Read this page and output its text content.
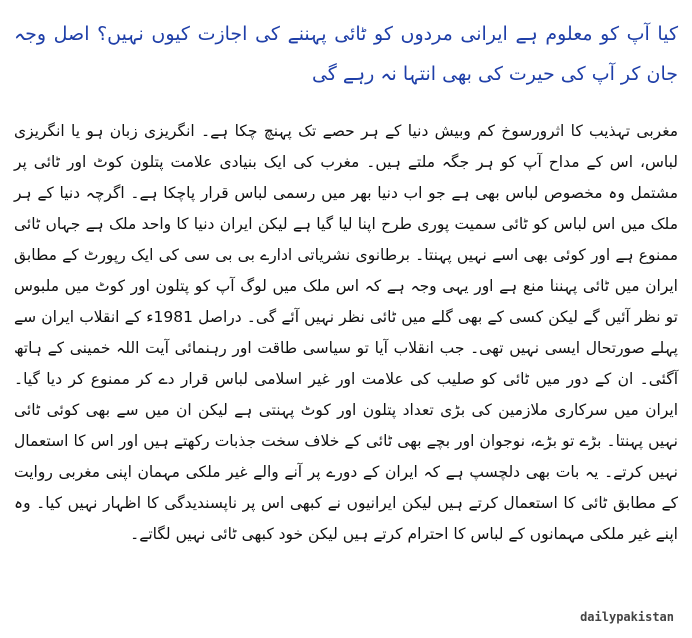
کیا آپ کو معلوم ہے ایرانی مردوں کو ٹائی پہننے کی اجازت کیوں نہیں؟ اصل وجہ جان کر آپ کی حیرت کی بھی انتہا نہ رہے گی

مغربی تہذیب کا اثرورسوخ کم وبیش دنیا کے ہر حصے تک پہنچ چکا ہے۔ انگریزی زبان ہو یا انگریزی لباس، اس کے مداح آپ کو ہر جگہ ملتے ہیں۔ مغرب کی ایک بنیادی علامت پتلون کوٹ اور ٹائی پر مشتمل وہ مخصوص لباس بھی ہے جو اب دنیا بھر میں رسمی لباس قرار پاچکا ہے۔ اگرچہ دنیا کے ہر ملک میں اس لباس کو ٹائی سمیت پوری طرح اپنا لیا گیا ہے لیکن ایران دنیا کا واحد ملک ہے جہاں ٹائی ممنوع ہے اور کوئی بھی اسے نہیں پہنتا۔ برطانوی نشریاتی ادارے بی بی سی کی ایک رپورٹ کے مطابق ایران میں ٹائی پہننا منع ہے اور یہی وجہ ہے کہ اس ملک میں لوگ آپ کو پتلون اور کوٹ میں ملبوس تو نظر آئیں گے لیکن کسی کے بھی گلے میں ٹائی نظر نہیں آئے گی۔ دراصل 1981ء کے انقلاب ایران سے پہلے صورتحال ایسی نہیں تھی۔ جب انقلاب آیا تو سیاسی طاقت اور رہنمائی آیت اللہ خمینی کے ہاتھ آگئی۔ ان کے دور میں ٹائی کو صلیب کی علامت اور غیر اسلامی لباس قرار دے کر ممنوع کر دیا گیا۔ ایران میں سرکاری ملازمین کی بڑی تعداد پتلون اور کوٹ پہنتی ہے لیکن ان میں سے بھی کوئی ٹائی نہیں پہنتا۔ بڑے تو بڑے، نوجوان اور بچے بھی ٹائی کے خلاف سخت جذبات رکھتے ہیں اور اس کا استعمال نہیں کرتے۔ یہ بات بھی دلچسپ ہے کہ ایران کے دورے پر آنے والے غیر ملکی مہمان اپنی مغربی روایت کے مطابق ٹائی کا استعمال کرتے ہیں لیکن ایرانیوں نے کبھی اس پر ناپسندیدگی کا اظہار نہیں کیا۔ وہ اپنے غیر ملکی مہمانوں کے لباس کا احترام کرتے ہیں لیکن خود کبھی ٹائی نہیں لگاتے۔

dailypakistan
